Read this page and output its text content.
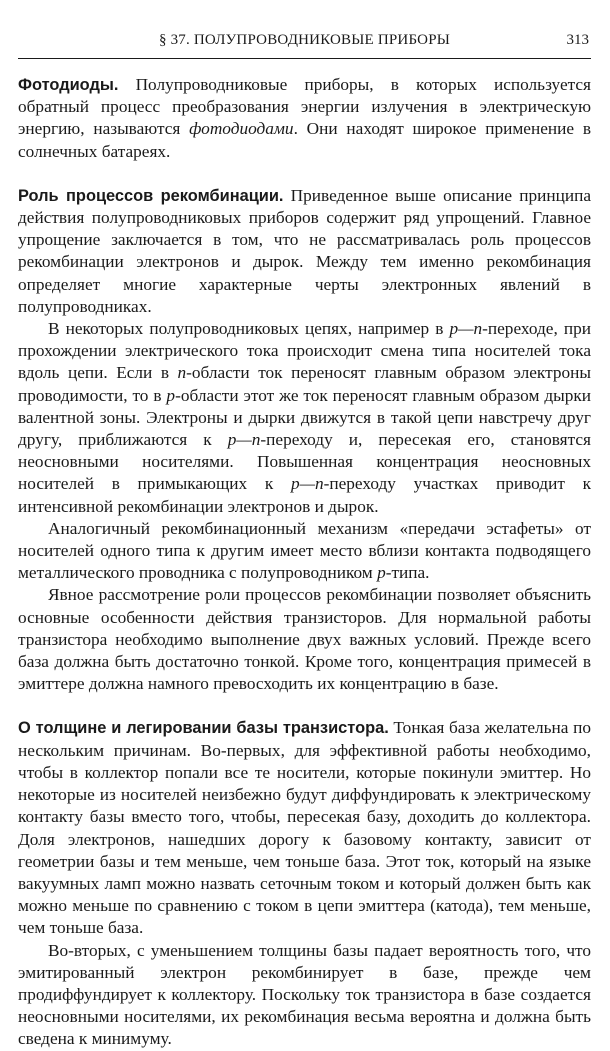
§ 37. ПОЛУПРОВОДНИКОВЫЕ ПРИБОРЫ	313

Фотодиоды. Полупроводниковые приборы, в которых используется обратный процесс преобразования энергии излучения в электрическую энергию, называются фотодиодами. Они находят широкое применение в солнечных батареях.

Роль процессов рекомбинации. Приведенное выше описание принципа действия полупроводниковых приборов содержит ряд упрощений. Главное упрощение заключается в том, что не рассматривалась роль процессов рекомбинации электронов и дырок. Между тем именно рекомбинация определяет многие характерные черты электронных явлений в полупроводниках.

В некоторых полупроводниковых цепях, например в p—n-переходе, при прохождении электрического тока происходит смена типа носителей тока вдоль цепи. Если в n-области ток переносят главным образом электроны проводимости, то в p-области этот же ток переносят главным образом дырки валентной зоны. Электроны и дырки движутся в такой цепи навстречу друг другу, приближаются к p—n-переходу и, пересекая его, становятся неосновными носителями. Повышенная концентрация неосновных носителей в примыкающих к p—n-переходу участках приводит к интенсивной рекомбинации электронов и дырок.

Аналогичный рекомбинационный механизм «передачи эстафеты» от носителей одного типа к другим имеет место вблизи контакта подводящего металлического проводника с полупроводником p-типа.

Явное рассмотрение роли процессов рекомбинации позволяет объяснить основные особенности действия транзисторов. Для нормальной работы транзистора необходимо выполнение двух важных условий. Прежде всего база должна быть достаточно тонкой. Кроме того, концентрация примесей в эмиттере должна намного превосходить их концентрацию в базе.

О толщине и легировании базы транзистора. Тонкая база желательна по нескольким причинам. Во-первых, для эффективной работы необходимо, чтобы в коллектор попали все те носители, которые покинули эмиттер. Но некоторые из носителей неизбежно будут диффундировать к электрическому контакту базы вместо того, чтобы, пересекая базу, доходить до коллектора. Доля электронов, нашедших дорогу к базовому контакту, зависит от геометрии базы и тем меньше, чем тоньше база. Этот ток, который на языке вакуумных ламп можно назвать сеточным током и который должен быть как можно меньше по сравнению с током в цепи эмиттера (катода), тем меньше, чем тоньше база.

Во-вторых, с уменьшением толщины базы падает вероятность того, что эмитированный электрон рекомбинирует в базе, прежде чем продиффундирует к коллектору. Поскольку ток транзистора в базе создается неосновными носителями, их рекомбинация весьма вероятна и должна быть сведена к минимуму.
